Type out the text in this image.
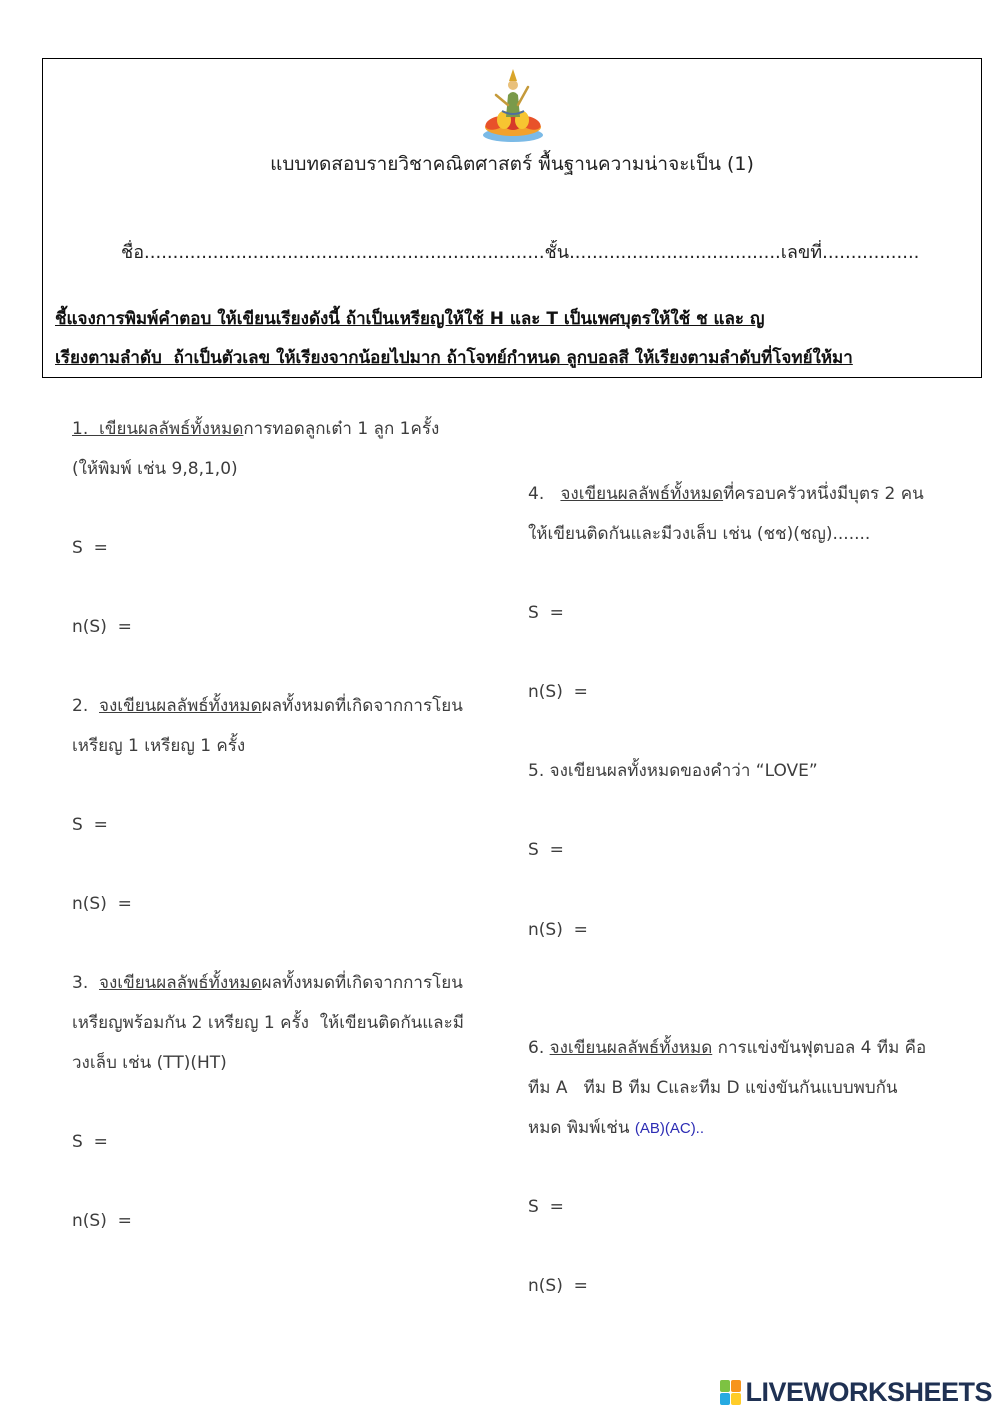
แบบทดสอบรายวิชาคณิตศาสตร์ พื้นฐานความน่าจะเป็น (1)
ชื่อ......................................................................ชั้น.....................................เลขที่.................
ชี้แจงการพิมพ์คำตอบ ให้เขียนเรียงดังนี้ ถ้าเป็นเหรียญให้ใช้ H และ T เป็นเพศบุตรให้ใช้ ช และ ญ
เรียงตามลำดับ  ถ้าเป็นตัวเลข ให้เรียงจากน้อยไปมาก ถ้าโจทย์กำหนด ลูกบอลสี ให้เรียงตามลำดับที่โจทย์ให้มา
1.  เขียนผลลัพธ์ทั้งหมดการทอดลูกเต๋า 1 ลูก 1ครั้ง
(ให้พิมพ์ เช่น 9,8,1,0)
S  =
n(S)  =
2.  จงเขียนผลลัพธ์ทั้งหมดผลทั้งหมดที่เกิดจากการโยน
เหรียญ 1 เหรียญ 1 ครั้ง
S  =
n(S)  =
3.  จงเขียนผลลัพธ์ทั้งหมดผลทั้งหมดที่เกิดจากการโยน
เหรียญพร้อมกัน 2 เหรียญ 1 ครั้ง  ให้เขียนติดกันและมี
วงเล็บ เช่น (TT)(HT)
S  =
n(S)  =
4.   จงเขียนผลลัพธ์ทั้งหมดที่ครอบครัวหนึ่งมีบุตร 2 คน
ให้เขียนติดกันและมีวงเล็บ เช่น (ชช)(ชญ).......
S  =
n(S)  =
5. จงเขียนผลทั้งหมดของคำว่า “LOVE”
S  =
n(S)  =
6. จงเขียนผลลัพธ์ทั้งหมด การแข่งขันฟุตบอล 4 ทีม คือ
ทีม A   ทีม B ทีม Cและทีม D แข่งขันกันแบบพบกัน
หมด พิมพ์เช่น (AB)(AC)..
S  =
n(S)  =
LIVEWORKSHEETS
